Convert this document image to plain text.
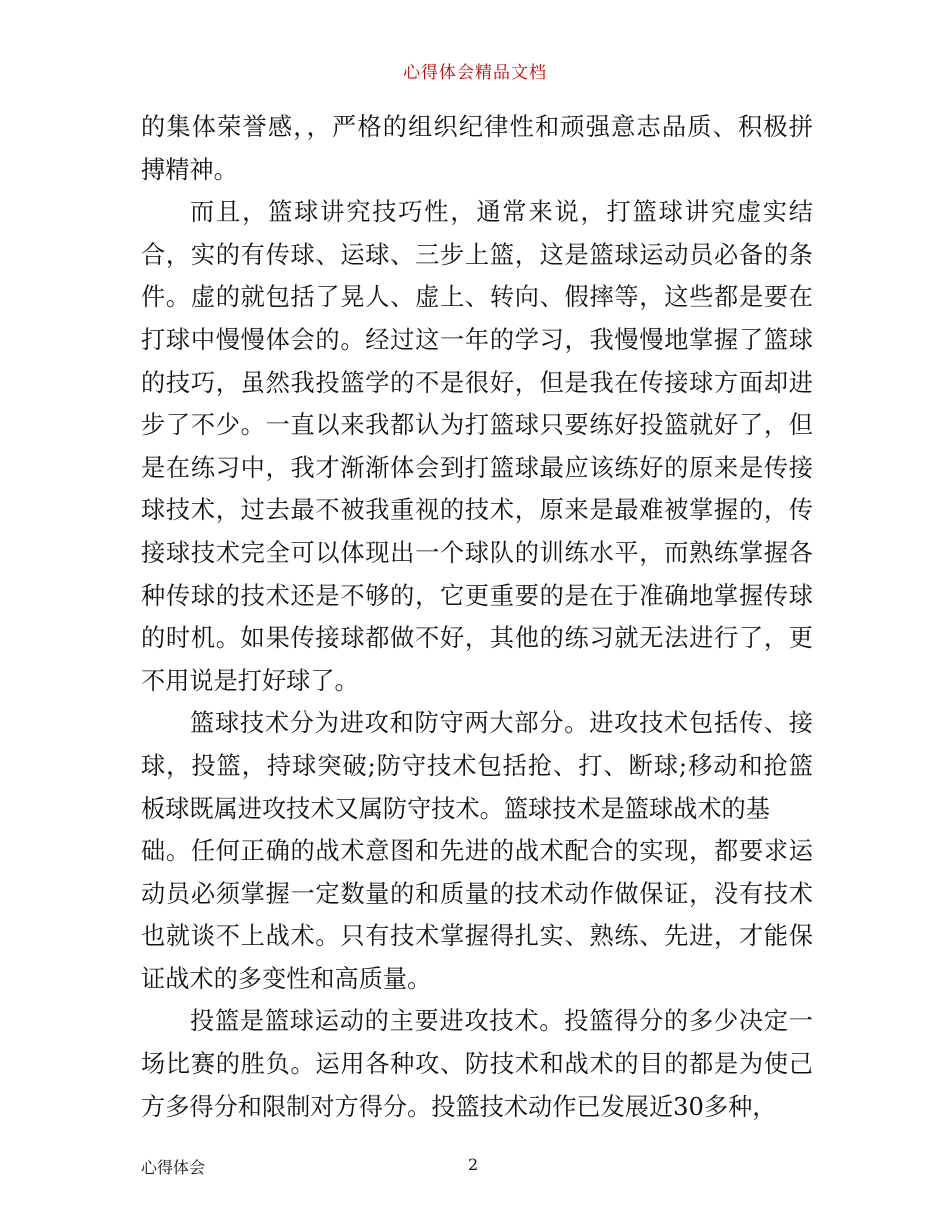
心得体会精品文档
的集体荣誉感，，严格的组织纪律性和顽强意志品质、积极拼
搏精神。
而且，篮球讲究技巧性，通常来说，打篮球讲究虚实结
合，实的有传球、运球、三步上篮，这是篮球运动员必备的条
件。虚的就包括了晃人、虚上、转向、假摔等，这些都是要在
打球中慢慢体会的。经过这一年的学习，我慢慢地掌握了篮球
的技巧，虽然我投篮学的不是很好，但是我在传接球方面却进
步了不少。一直以来我都认为打篮球只要练好投篮就好了，但
是在练习中，我才渐渐体会到打篮球最应该练好的原来是传接
球技术，过去最不被我重视的技术，原来是最难被掌握的，传
接球技术完全可以体现出一个球队的训练水平，而熟练掌握各
种传球的技术还是不够的，它更重要的是在于准确地掌握传球
的时机。如果传接球都做不好，其他的练习就无法进行了，更
不用说是打好球了。
篮球技术分为进攻和防守两大部分。进攻技术包括传、接
球，投篮，持球突破;防守技术包括抢、打、断球;移动和抢篮
板球既属进攻技术又属防守技术。篮球技术是篮球战术的基
础。任何正确的战术意图和先进的战术配合的实现，都要求运
动员必须掌握一定数量的和质量的技术动作做保证，没有技术
也就谈不上战术。只有技术掌握得扎实、熟练、先进，才能保
证战术的多变性和高质量。
投篮是篮球运动的主要进攻技术。投篮得分的多少决定一
场比赛的胜负。运用各种攻、防技术和战术的目的都是为使己
方多得分和限制对方得分。投篮技术动作已发展近30多种，
心得体会	2
